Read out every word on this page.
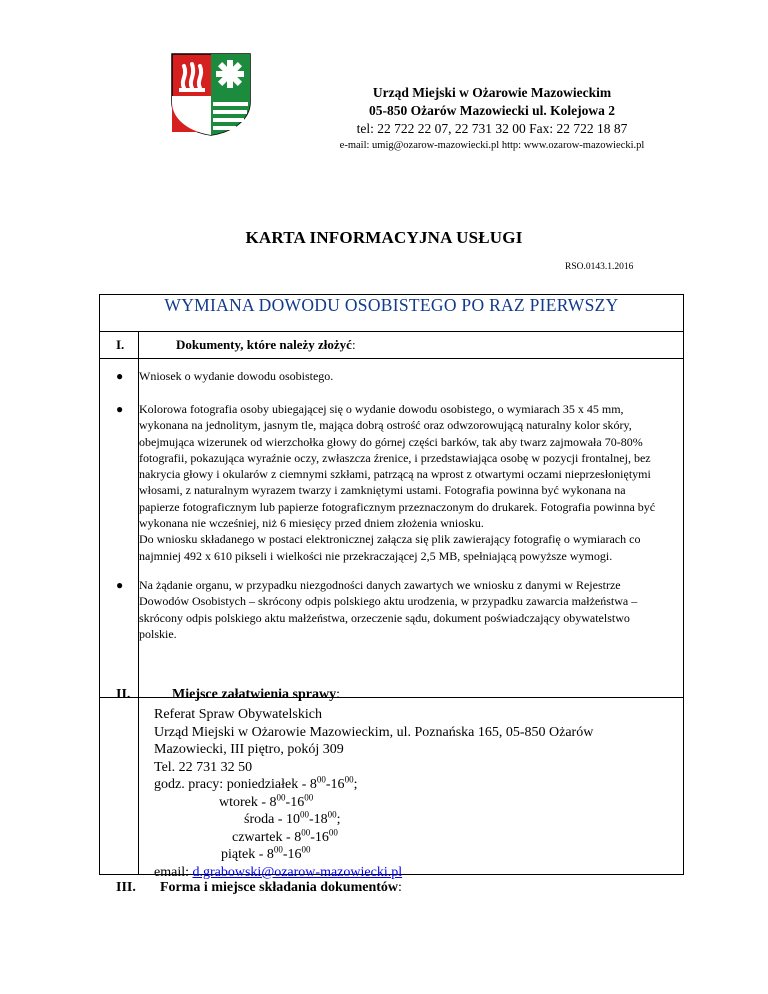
Urząd Miejski w Ożarowie Mazowieckim
05-850 Ożarów Mazowiecki ul. Kolejowa 2
tel: 22 722 22 07, 22 731 32 00 Fax: 22 722 18 87
e-mail: umig@ozarow-mazowiecki.pl http: www.ozarow-mazowiecki.pl
KARTA INFORMACYJNA USŁUGI
RSO.0143.1.2016
WYMIANA DOWODU OSOBISTEGO PO RAZ PIERWSZY
I.	Dokumenty, które należy złożyć:
● Wniosek o wydanie dowodu osobistego.
● Kolorowa fotografia osoby ubiegającej się o wydanie dowodu osobistego, o wymiarach 35 x 45 mm, wykonana na jednolitym, jasnym tle, mająca dobrą ostrość oraz odwzorowującą naturalny kolor skóry, obejmująca wizerunek od wierzchołka głowy do górnej części barków, tak aby twarz zajmowała 70-80% fotografii, pokazująca wyraźnie oczy, zwłaszcza źrenice, i przedstawiająca osobę w pozycji frontalnej, bez nakrycia głowy i okularów z ciemnymi szkłami, patrzącą na wprost z otwartymi oczami nieprzesłoniętymi włosami, z naturalnym wyrazem twarzy i zamkniętymi ustami. Fotografia powinna być wykonana na papierze fotograficznym lub papierze fotograficznym przeznaczonym do drukarek. Fotografia powinna być wykonana nie wcześniej, niż 6 miesięcy przed dniem złożenia wniosku.
Do wniosku składanego w postaci elektronicznej załącza się plik zawierający fotografię o wymiarach co najmniej 492 x 610 pikseli i wielkości nie przekraczającej 2,5 MB, spełniającą powyższe wymogi.
● Na żądanie organu, w przypadku niezgodności danych zawartych we wniosku z danymi w Rejestrze Dowodów Osobistych – skrócony odpis polskiego aktu urodzenia, w przypadku zawarcia małżeństwa – skrócony odpis polskiego aktu małżeństwa, orzeczenie sądu, dokument poświadczający obywatelstwo polskie.
II.	Miejsce załatwienia sprawy:
Referat Spraw Obywatelskich
Urząd Miejski w Ożarowie Mazowieckim, ul. Poznańska 165, 05-850 Ożarów
Mazowiecki, III piętro, pokój 309
Tel. 22 731 32 50
godz. pracy: poniedziałek - $8^{00}-16^{00}$;
wtorek - $8^{00}-16^{00}$
środa - $10^{00}-18^{00}$;
czwartek - $8^{00}-16^{00}$
piątek - $8^{00}-16^{00}$
email: d.grabowski@ozarow-mazowiecki.pl
III. Forma i miejsce składania dokumentów:
